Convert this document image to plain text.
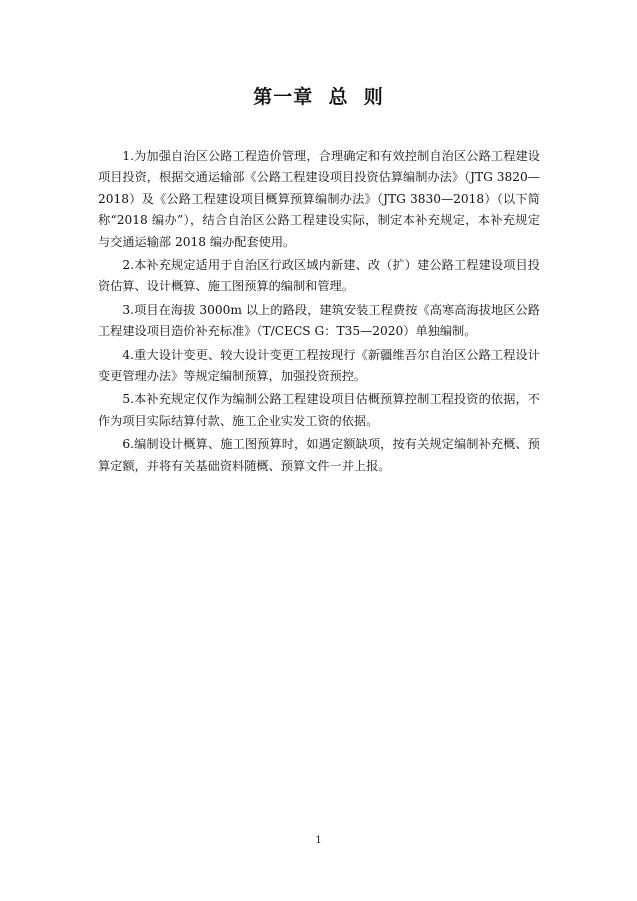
第一章  总  则

1.为加强自治区公路工程造价管理，合理确定和有效控制自治区公路工程建设项目投资，根据交通运输部《公路工程建设项目投资估算编制办法》（JTG 3820—2018）及《公路工程建设项目概算预算编制办法》（JTG 3830—2018）（以下简称“2018 编办”），结合自治区公路工程建设实际，制定本补充规定，本补充规定与交通运输部 2018 编办配套使用。

2.本补充规定适用于自治区行政区域内新建、改（扩）建公路工程建设项目投资估算、设计概算、施工图预算的编制和管理。

3.项目在海拔 3000m 以上的路段，建筑安装工程费按《高寒高海拔地区公路工程建设项目造价补充标准》（T/CECS G：T35—2020）单独编制。

4.重大设计变更、较大设计变更工程按现行《新疆维吾尔自治区公路工程设计变更管理办法》等规定编制预算，加强投资预控。

5.本补充规定仅作为编制公路工程建设项目估概预算控制工程投资的依据，不作为项目实际结算付款、施工企业实发工资的依据。

6.编制设计概算、施工图预算时，如遇定额缺项，按有关规定编制补充概、预算定额，并将有关基础资料随概、预算文件一并上报。

1
